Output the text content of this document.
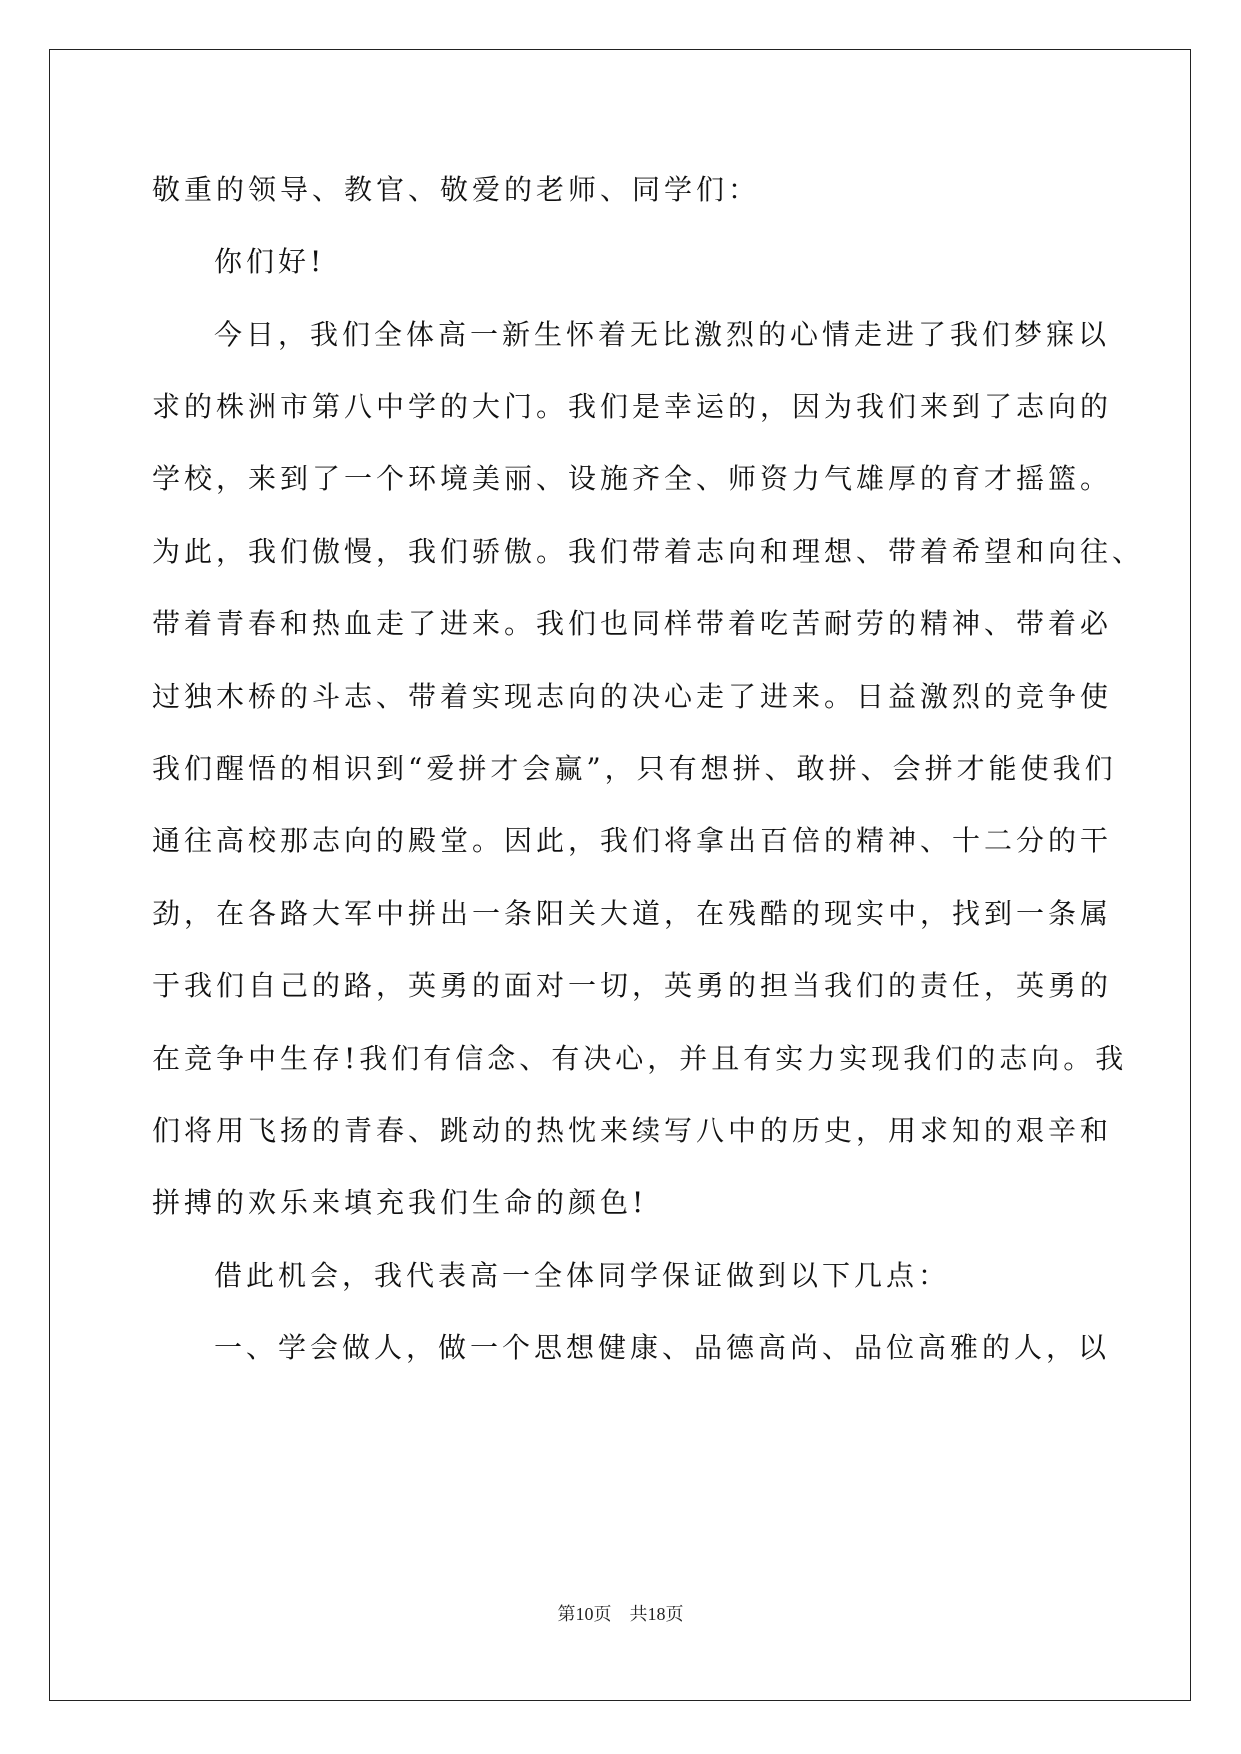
敬重的领导、教官、敬爱的老师、同学们：
你们好!
今日，我们全体高一新生怀着无比激烈的心情走进了我们梦寐以
求的株洲市第八中学的大门。我们是幸运的，因为我们来到了志向的
学校，来到了一个环境美丽、设施齐全、师资力气雄厚的育才摇篮。
为此，我们傲慢，我们骄傲。我们带着志向和理想、带着希望和向往、
带着青春和热血走了进来。我们也同样带着吃苦耐劳的精神、带着必
过独木桥的斗志、带着实现志向的决心走了进来。日益激烈的竞争使
我们醒悟的相识到“爱拼才会赢”，只有想拼、敢拼、会拼才能使我们
通往高校那志向的殿堂。因此，我们将拿出百倍的精神、十二分的干
劲，在各路大军中拼出一条阳关大道，在残酷的现实中，找到一条属
于我们自己的路，英勇的面对一切，英勇的担当我们的责任，英勇的
在竞争中生存!我们有信念、有决心，并且有实力实现我们的志向。我
们将用飞扬的青春、跳动的热忱来续写八中的历史，用求知的艰辛和
拼搏的欢乐来填充我们生命的颜色!
借此机会，我代表高一全体同学保证做到以下几点：
一、学会做人，做一个思想健康、品德高尚、品位高雅的人，以
第10页 共18页
